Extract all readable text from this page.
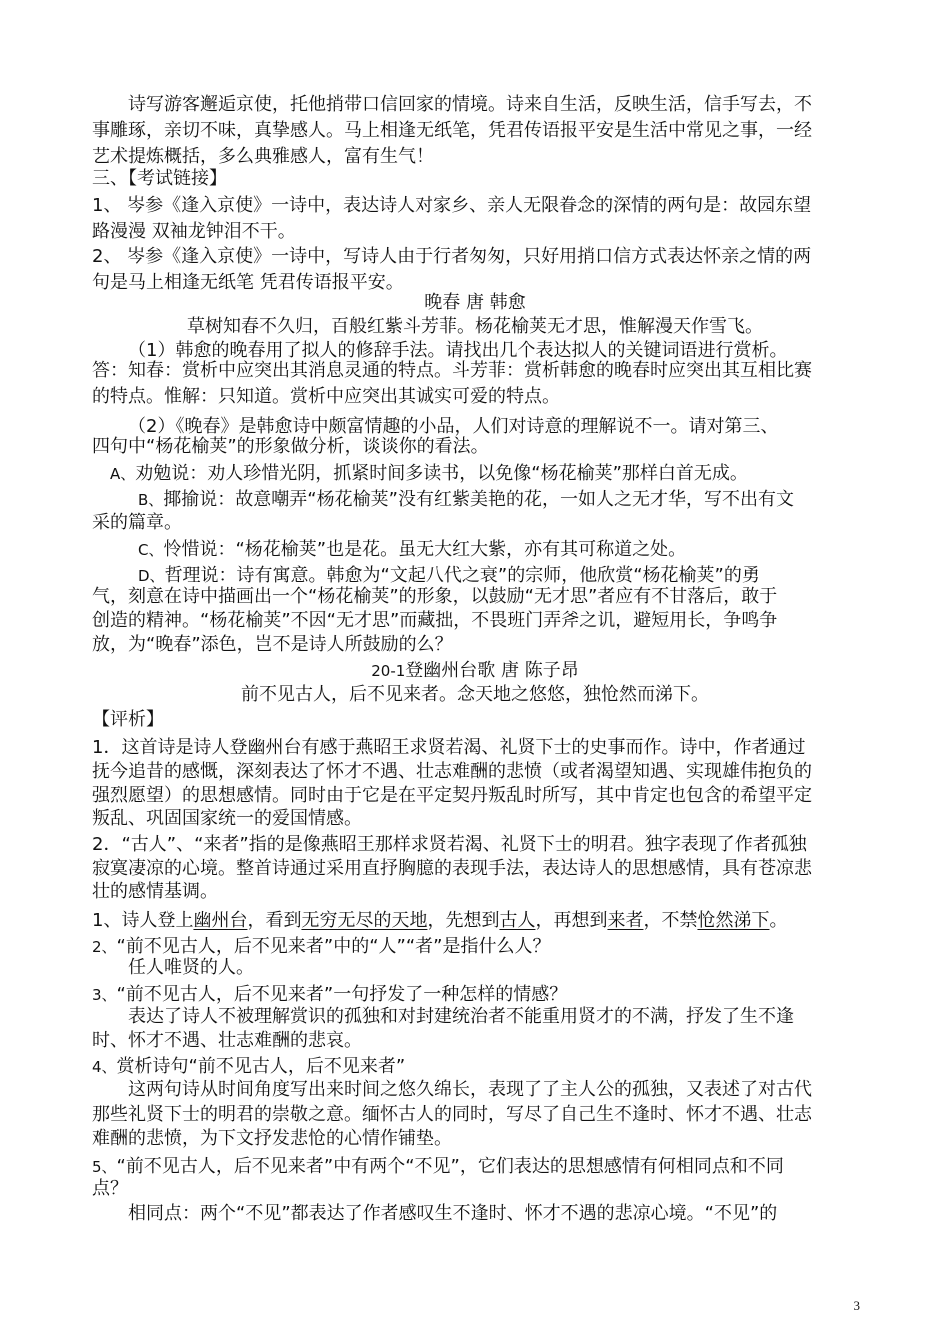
诗写游客邂逅京使，托他捎带口信回家的情境。诗来自生活，反映生活，信手写去，不
事雕琢，亲切不味，真挚感人。马上相逢无纸笔，凭君传语报平安是生活中常见之事，一经
艺术提炼概括，多么典雅感人，富有生气！
三、【考试链接】
1、 岑参《逢入京使》一诗中，表达诗人对家乡、亲人无限眷念的深情的两句是：故园东望
路漫漫 双袖龙钟泪不干。
2、 岑参《逢入京使》一诗中，写诗人由于行者匆匆，只好用捎口信方式表达怀亲之情的两
句是马上相逢无纸笔 凭君传语报平安。
晚春 唐 韩愈
草树知春不久归，百般红紫斗芳菲。杨花榆荚无才思，惟解漫天作雪飞。
（1）韩愈的晚春用了拟人的修辞手法。请找出几个表达拟人的关键词语进行赏析。
答：知春：赏析中应突出其消息灵通的特点。斗芳菲：赏析韩愈的晚春时应突出其互相比赛
的特点。惟解：只知道。赏析中应突出其诚实可爱的特点。
（2）《晚春》是韩愈诗中颇富情趣的小品，人们对诗意的理解说不一。请对第三、
四句中“杨花榆荚”的形象做分析，谈谈你的看法。
A、劝勉说：劝人珍惜光阴，抓紧时间多读书，以免像“杨花榆荚”那样白首无成。
B、揶揄说：故意嘲弄“杨花榆荚”没有红紫美艳的花，一如人之无才华，写不出有文
采的篇章。
C、怜惜说：“杨花榆荚”也是花。虽无大红大紫，亦有其可称道之处。
D、哲理说：诗有寓意。韩愈为“文起八代之衰”的宗师，他欣赏“杨花榆荚”的勇
气，刻意在诗中描画出一个“杨花榆荚”的形象，以鼓励“无才思”者应有不甘落后，敢于
创造的精神。“杨花榆荚”不因“无才思”而藏拙，不畏班门弄斧之讥，避短用长，争鸣争
放，为“晚春”添色，岂不是诗人所鼓励的么？
20-1登幽州台歌 唐 陈子昂
前不见古人，后不见来者。念天地之悠悠，独怆然而涕下。
【评析】
1．这首诗是诗人登幽州台有感于燕昭王求贤若渴、礼贤下士的史事而作。诗中，作者通过
抚今追昔的感慨，深刻表达了怀才不遇、壮志难酬的悲愤（或者渴望知遇、实现雄伟抱负的
强烈愿望）的思想感情。同时由于它是在平定契丹叛乱时所写，其中肯定也包含的希望平定
叛乱、巩固国家统一的爱国情感。
2．“古人”、“来者”指的是像燕昭王那样求贤若渴、礼贤下士的明君。独字表现了作者孤独
寂寞凄凉的心境。整首诗通过采用直抒胸臆的表现手法，表达诗人的思想感情，具有苍凉悲
壮的感情基调。
1、诗人登上幽州台，看到无穷无尽的天地，先想到古人，再想到来者，不禁怆然涕下。
2、“前不见古人，后不见来者”中的“人”“者”是指什么人？
任人唯贤的人。
3、“前不见古人，后不见来者”一句抒发了一种怎样的情感？
表达了诗人不被理解赏识的孤独和对封建统治者不能重用贤才的不满，抒发了生不逢
时、怀才不遇、壮志难酬的悲哀。
4、赏析诗句“前不见古人，后不见来者”
这两句诗从时间角度写出来时间之悠久绵长，表现了了主人公的孤独，又表述了对古代
那些礼贤下士的明君的崇敬之意。缅怀古人的同时，写尽了自己生不逢时、怀才不遇、壮志
难酬的悲愤，为下文抒发悲怆的心情作铺垫。
5、“前不见古人，后不见来者”中有两个“不见”，它们表达的思想感情有何相同点和不同
点？
相同点：两个“不见”都表达了作者感叹生不逢时、怀才不遇的悲凉心境。“不见”的
3
